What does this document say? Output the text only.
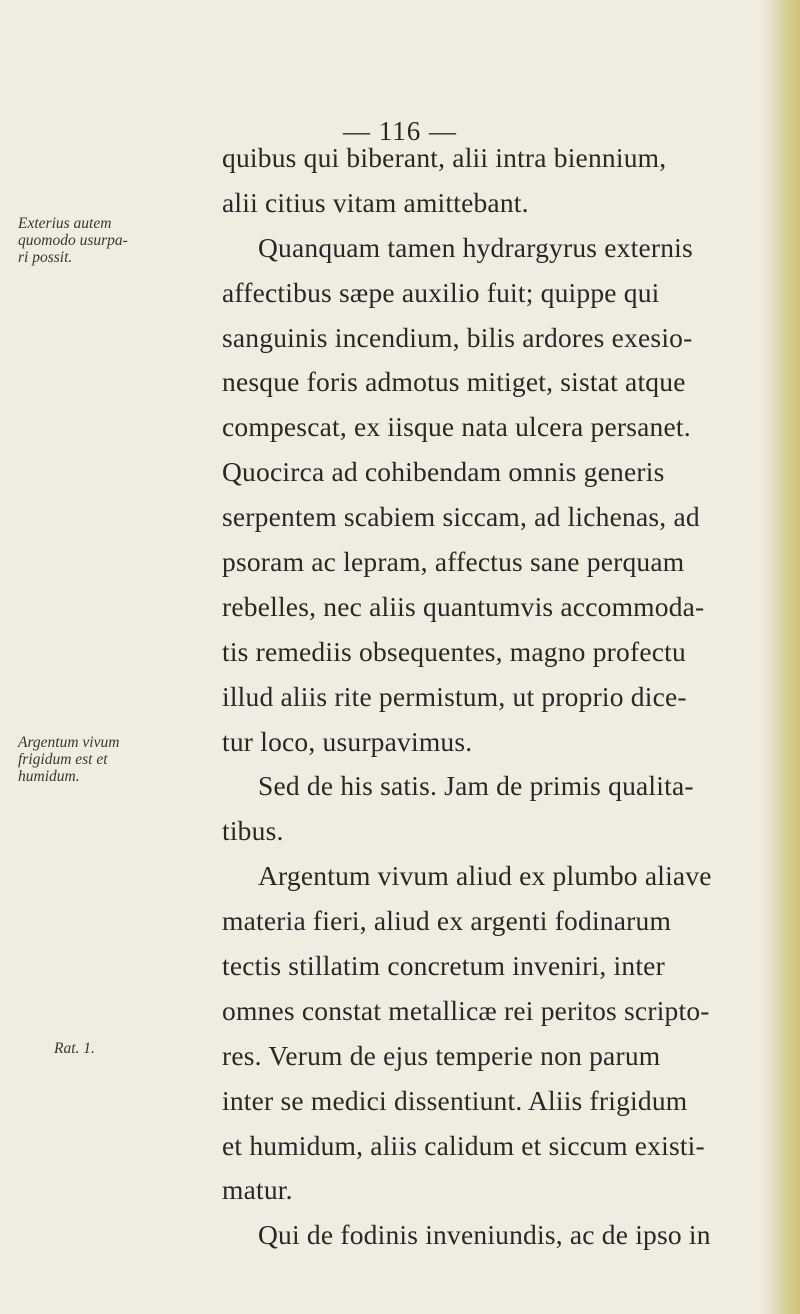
— 116 —
quibus qui biberant, alii intra biennium,
alii citius vitam amittebant.
Quanquam tamen hydrargyrus externis
affectibus sæpe auxilio fuit; quippe qui
sanguinis incendium, bilis ardores exesio-
nesque foris admotus mitiget, sistat atque
compescat, ex iisque nata ulcera persanet.
Quocirca ad cohibendam omnis generis
serpentem scabiem siccam, ad lichenas, ad
psoram ac lepram, affectus sane perquam
rebelles, nec aliis quantumvis accommoda-
tis remediis obsequentes, magno profectu
illud aliis rite permistum, ut proprio dice-
tur loco, usurpavimus.
Sed de his satis. Jam de primis qualita-
tibus.
Argentum vivum aliud ex plumbo aliave
materia fieri, aliud ex argenti fodinarum
tectis stillatim concretum inveniri, inter
omnes constat metallicæ rei peritos scripto-
res. Verum de ejus temperie non parum
inter se medici dissentiunt. Aliis frigidum
et humidum, aliis calidum et siccum existi-
matur.
Qui de fodinis inveniundis, ac de ipso in
Exterius autem
quomodo usurpa-
ri possit.
Argentum vivum
frigidum est et
humidum.
Rat. 1.
